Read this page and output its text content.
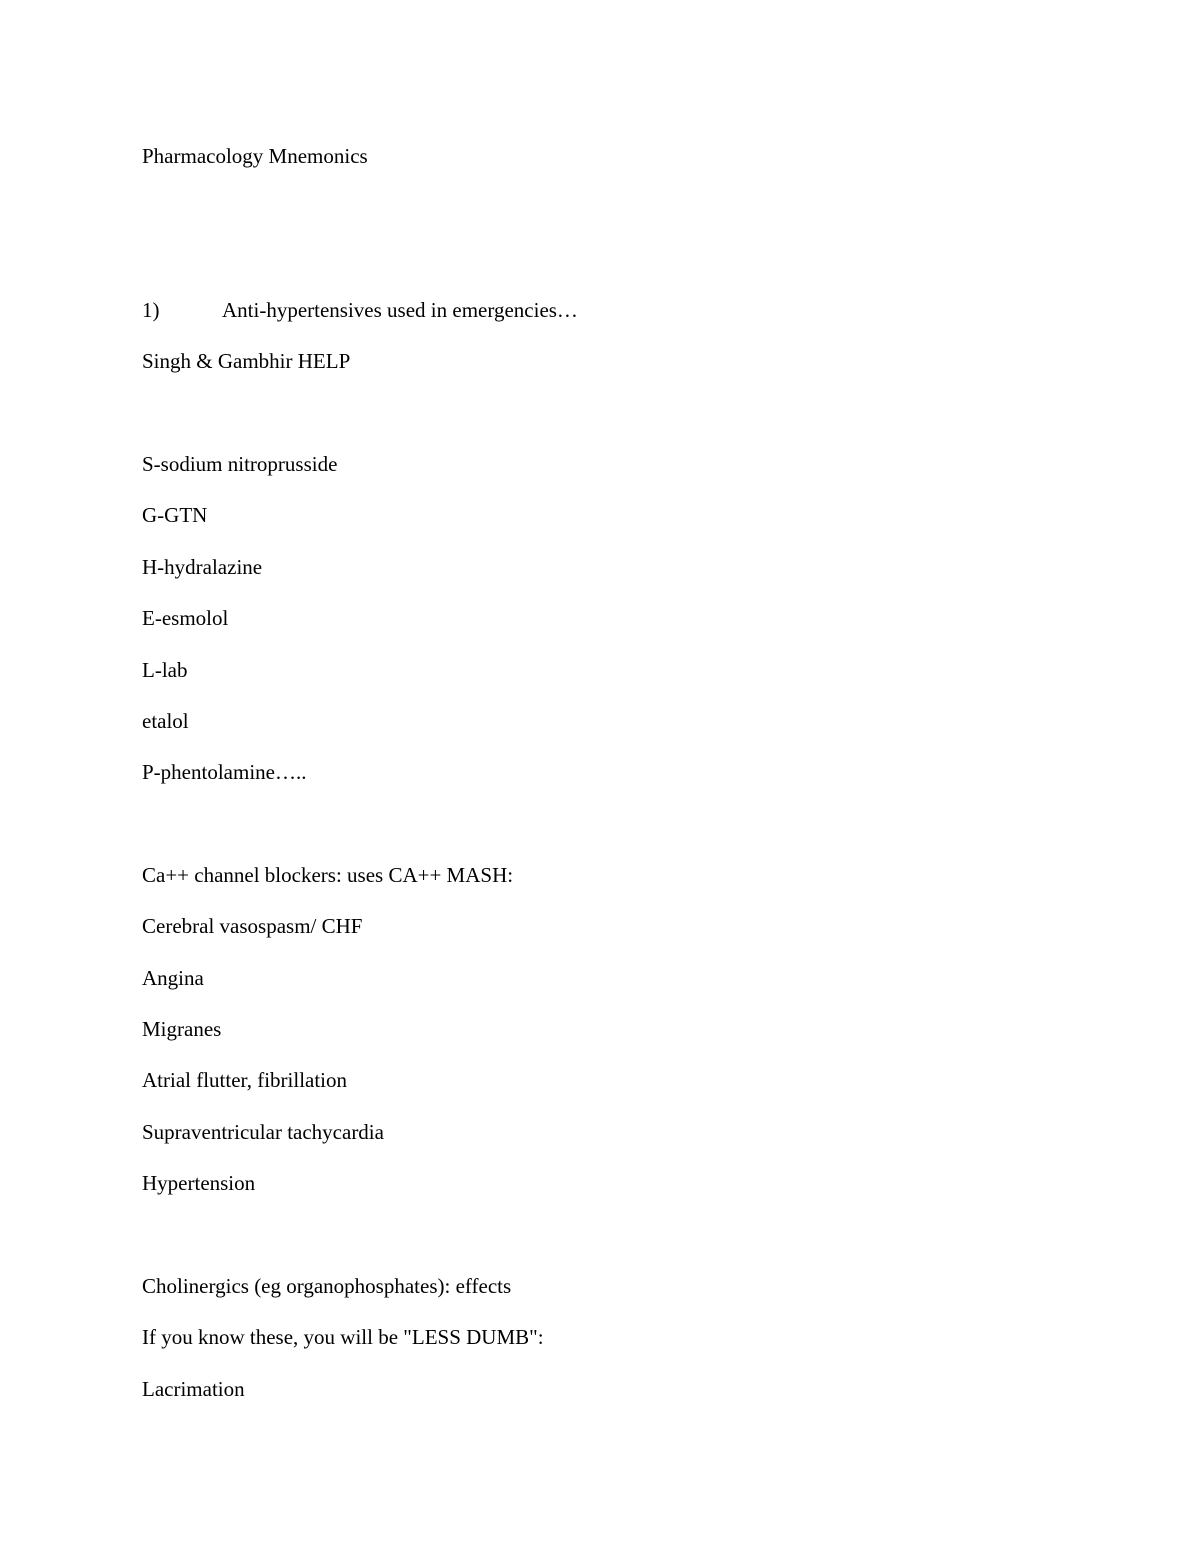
Pharmacology Mnemonics
1)	Anti-hypertensives used in emergencies…
Singh & Gambhir HELP
S-sodium nitroprusside
G-GTN
H-hydralazine
E-esmolol
L-lab
etalol
P-phentolamine…..
Ca++ channel blockers: uses CA++ MASH:
Cerebral vasospasm/ CHF
Angina
Migranes
Atrial flutter, fibrillation
Supraventricular tachycardia
Hypertension
Cholinergics (eg organophosphates): effects
If you know these, you will be "LESS DUMB":
Lacrimation
